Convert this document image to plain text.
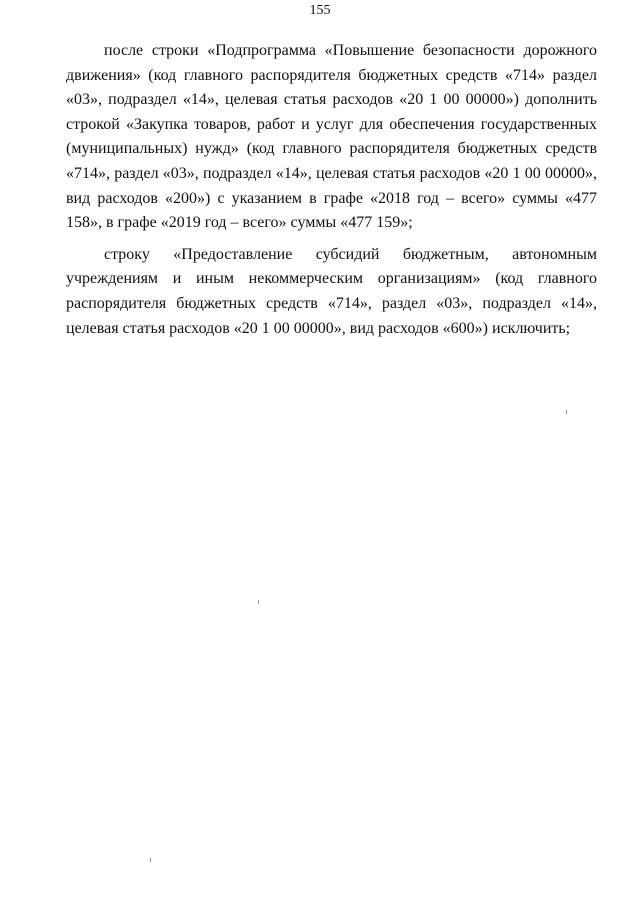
155

после строки «Подпрограмма «Повышение безопасности дорожного движения» (код главного распорядителя бюджетных средств «714» раздел «03», подраздел «14», целевая статья расходов «20 1 00 00000») дополнить строкой «Закупка товаров, работ и услуг для обеспечения государственных (муниципальных) нужд» (код главного распорядителя бюджетных средств «714», раздел «03», подраздел «14», целевая статья расходов «20 1 00 00000», вид расходов «200») с указанием в графе «2018 год – всего» суммы «477 158», в графе «2019 год – всего» суммы «477 159»;

строку «Предоставление субсидий бюджетным, автономным учреждениям и иным некоммерческим организациям» (код главного распорядителя бюджетных средств «714», раздел «03», подраздел «14», целевая статья расходов «20 1 00 00000», вид расходов «600») исключить;
